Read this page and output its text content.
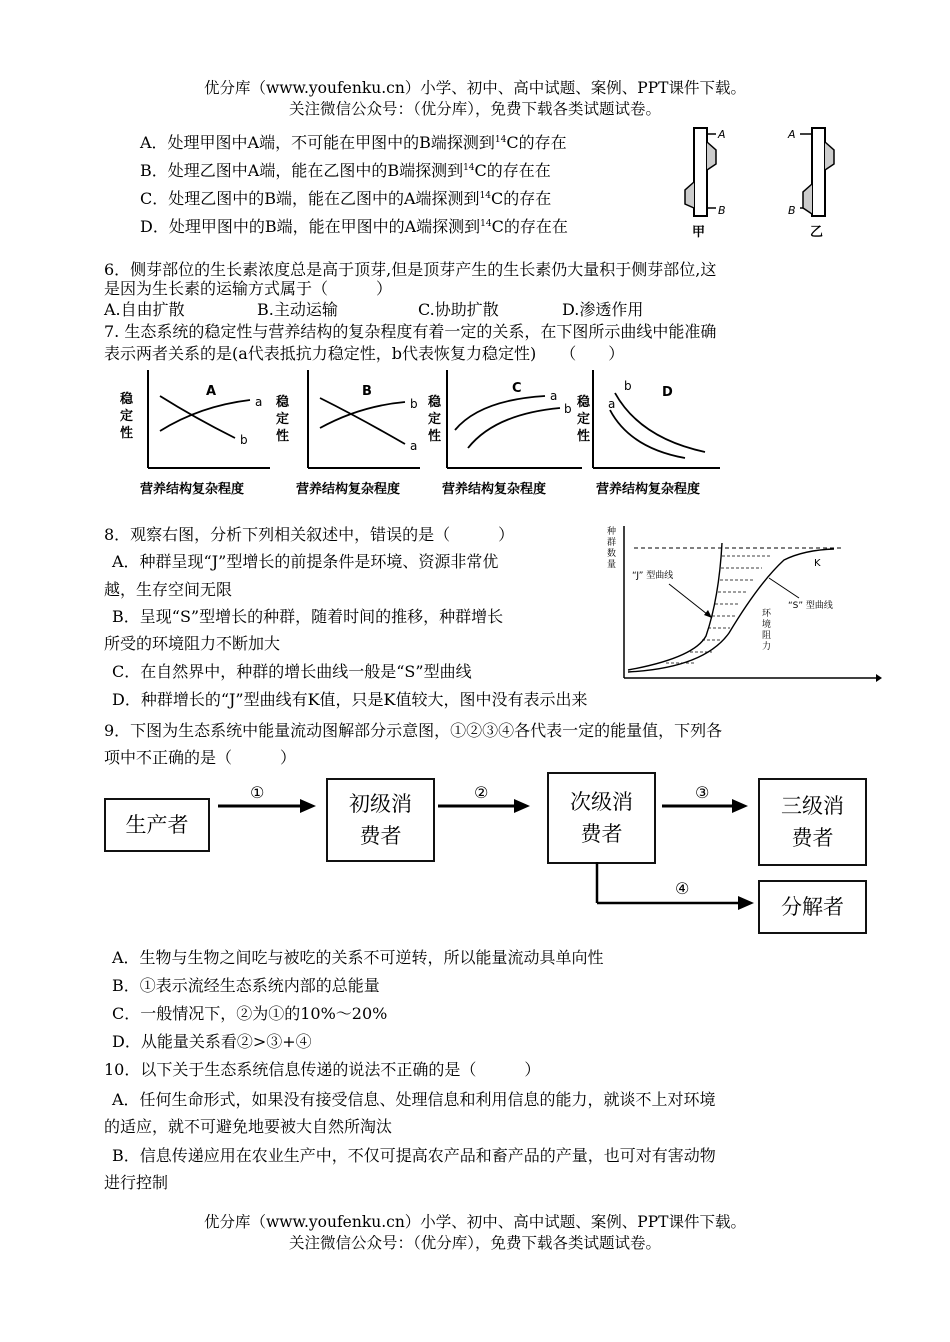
优分库（www.youfenku.cn）小学、初中、高中试题、案例、PPT课件下载。
关注微信公众号：（优分库），免费下载各类试题试卷。
A．处理甲图中A端，不可能在甲图中的B端探测到$^{14}$C的存在
B．处理乙图中A端，能在乙图中的B端探测到$^{14}$C的存在在
C．处理乙图中的B端，能在乙图中的A端探测到$^{14}$C的存在
D．处理甲图中的B端，能在甲图中的A端探测到$^{14}$C的存在在
A
B
甲
A
B
乙
6．侧芽部位的生长素浓度总是高于顶芽,但是顶芽产生的生长素仍大量积于侧芽部位,这
是因为生长素的运输方式属于（　　　）
A.自由扩散	B.主动运输	C.协助扩散	D.渗透作用
7. 生态系统的稳定性与营养结构的复杂程度有着一定的关系，在下图所示曲线中能准确
表示两者关系的是(a代表抵抗力稳定性，b代表恢复力稳定性)　　（　　）
稳
定
性
A
a
b
营养结构复杂程度
稳
定
性
B
b
a
营养结构复杂程度
稳
定
性
C a
b
营养结构复杂程度
稳
定
性
b
a
D
营养结构复杂程度
8．观察右图，分析下列相关叙述中，错误的是（　　　）
A．种群呈现“J”型增长的前提条件是环境、资源非常优
越，生存空间无限
B．呈现“S”型增长的种群，随着时间的推移，种群增长
所受的环境阻力不断加大
C．在自然界中，种群的增长曲线一般是“S”型曲线
D．种群增长的“J”型曲线有K值，只是K值较大，图中没有表示出来
种
群
数
量	K
“J” 型曲线
“S” 型曲线
环
境
阻
力
9．下图为生态系统中能量流动图解部分示意图，①②③④各代表一定的能量值，下列各
项中不正确的是（　　　）
生产者
初级消
费者
次级消
费者
三级消
费者
分解者
①	②	③
④
A．生物与生物之间吃与被吃的关系不可逆转，所以能量流动具单向性
B．①表示流经生态系统内部的总能量
C．一般情况下，②为①的10%～20%
D．从能量关系看②>③+④
10．以下关于生态系统信息传递的说法不正确的是（　　　）
A．任何生命形式，如果没有接受信息、处理信息和利用信息的能力，就谈不上对环境
的适应，就不可避免地要被大自然所淘汰
B．信息传递应用在农业生产中，不仅可提高农产品和畜产品的产量，也可对有害动物
进行控制
优分库（www.youfenku.cn）小学、初中、高中试题、案例、PPT课件下载。
关注微信公众号：（优分库），免费下载各类试题试卷。
